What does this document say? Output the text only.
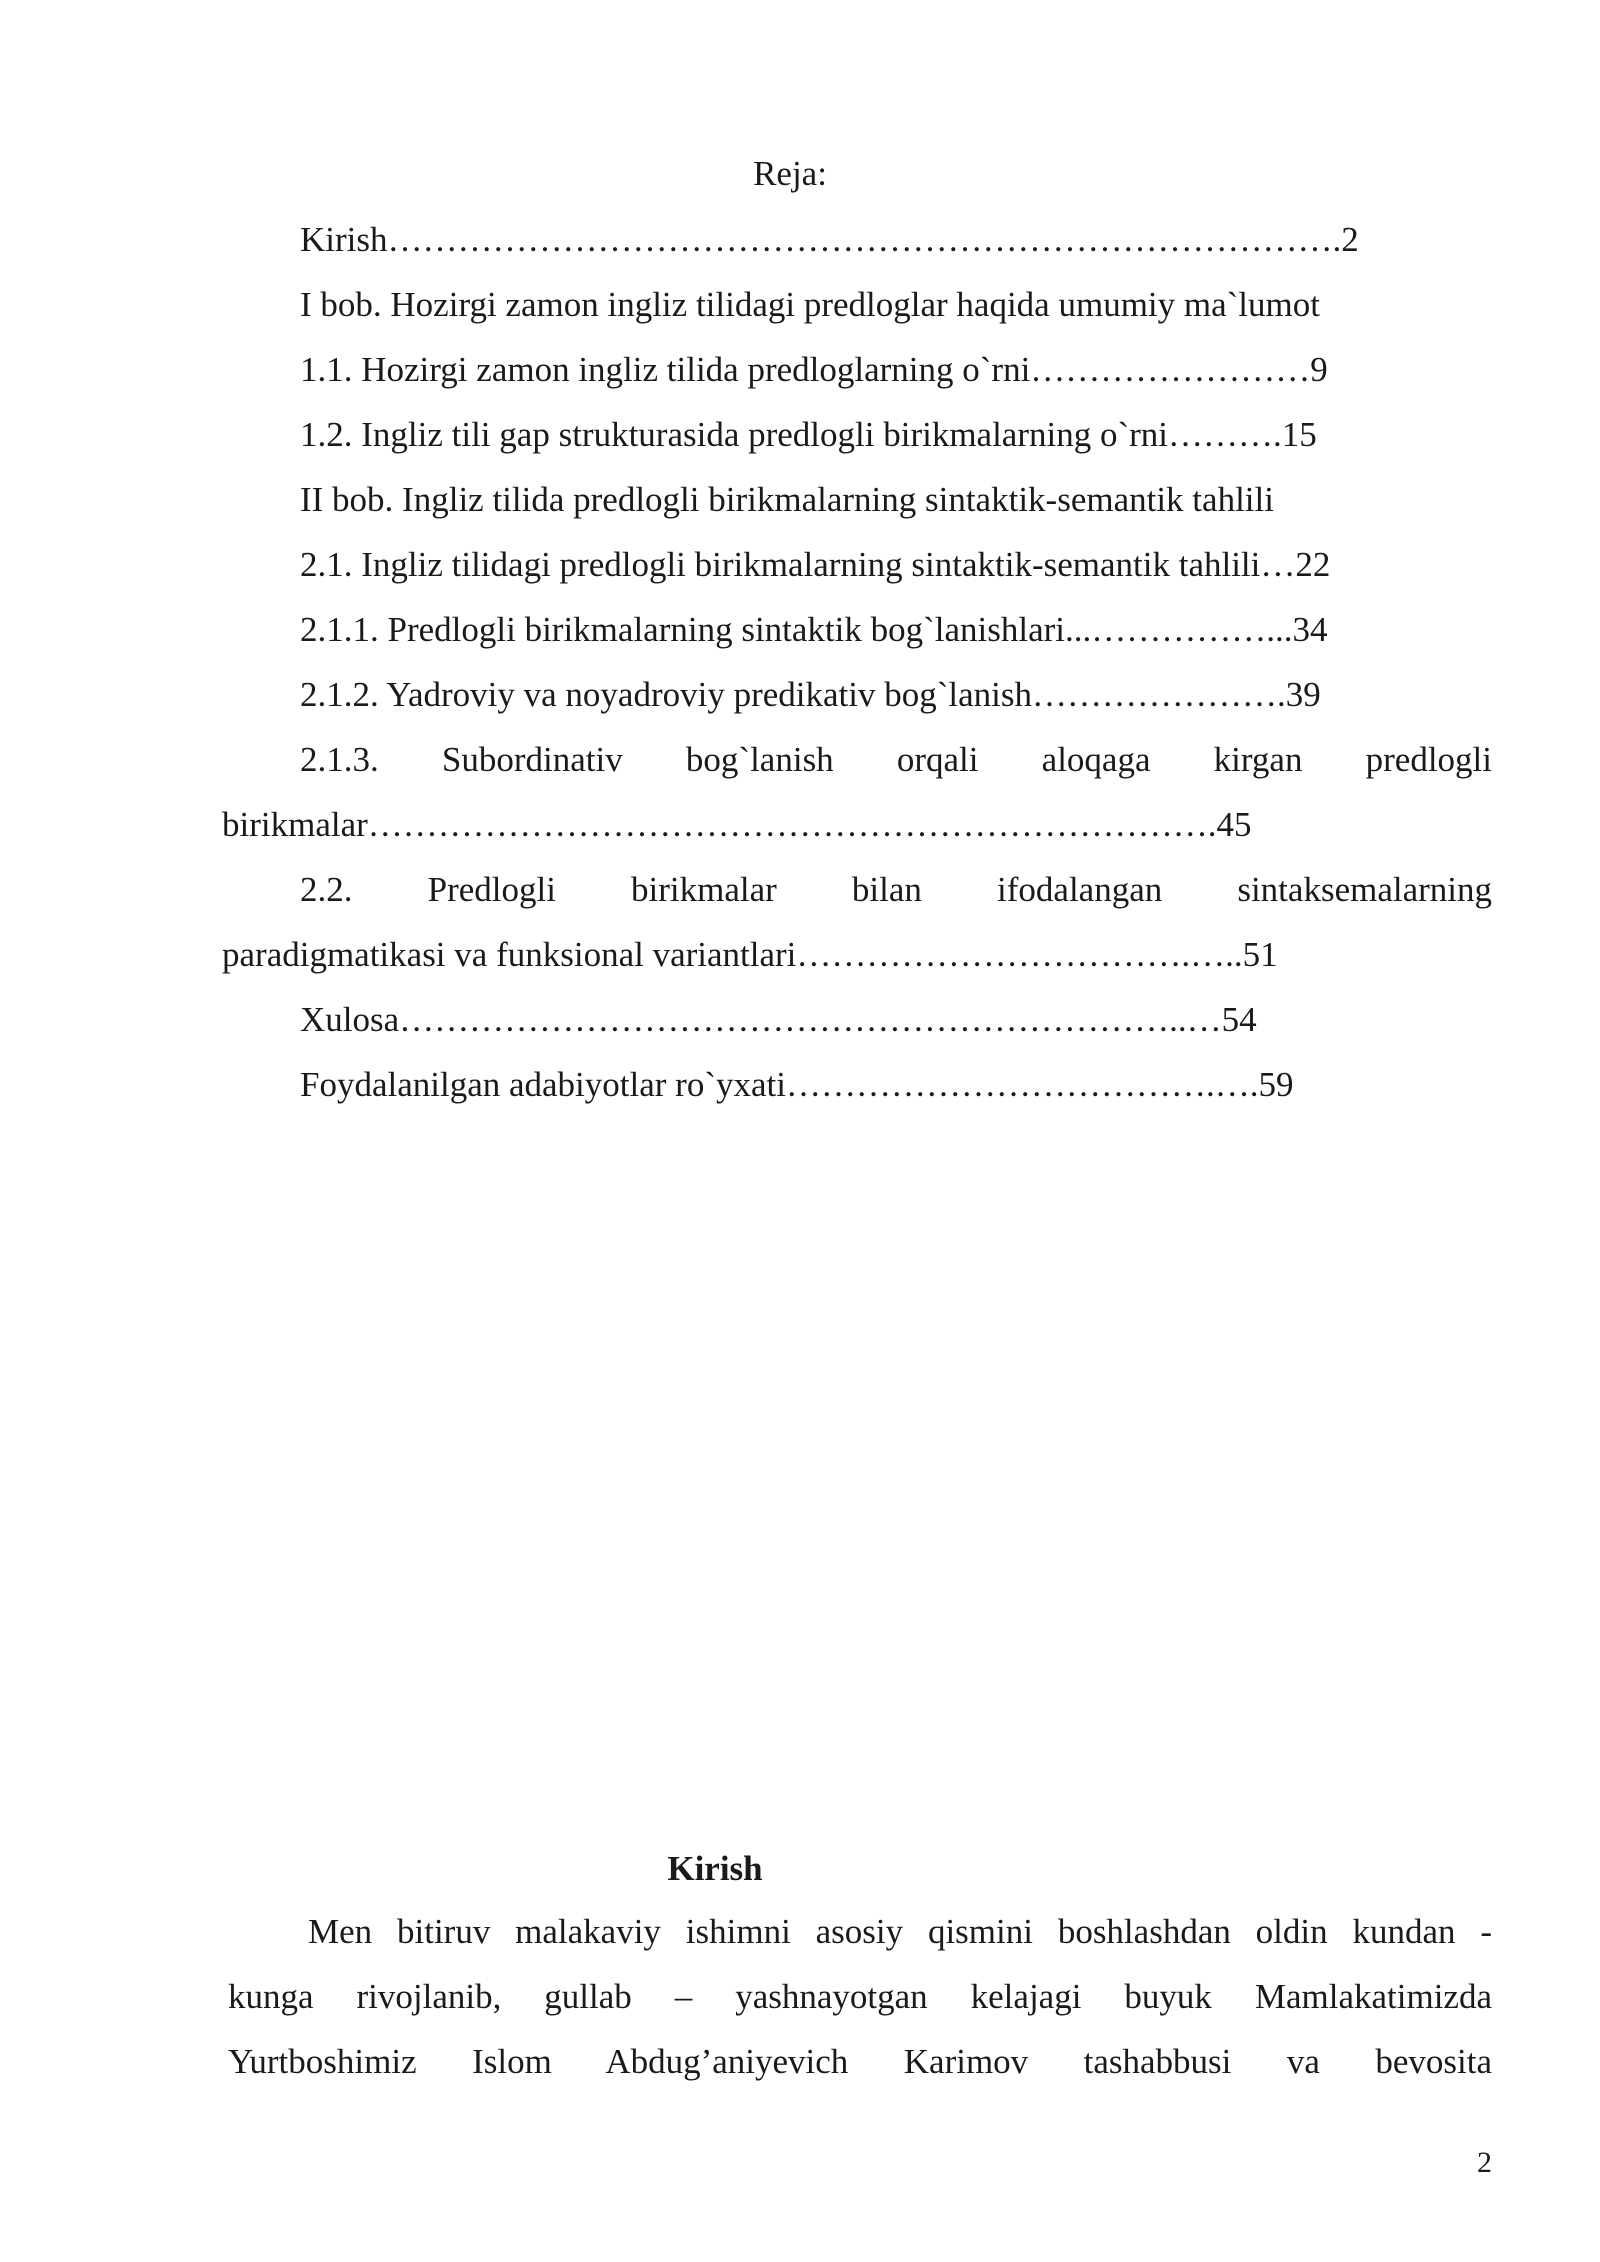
Reja:
Kirish……………………………………………………………………….2
I bob. Hozirgi zamon ingliz tilidagi predloglar haqida umumiy ma`lumot
1.1. Hozirgi zamon ingliz tilida predloglarning o`rni……………………9
1.2. Ingliz tili gap strukturasida predlogli birikmalarning o`rni……….15
II bob. Ingliz tilida predlogli birikmalarning sintaktik-semantik tahlili
2.1. Ingliz tilidagi predlogli birikmalarning sintaktik-semantik tahlili…22
2.1.1. Predlogli birikmalarning sintaktik bog`lanishlari...……………...34
2.1.2. Yadroviy va noyadroviy predikativ bog`lanish………………….39
2.1.3. Subordinativ bog`lanish orqali aloqaga kirgan predlogli
birikmalar……………………………………………………………….45
2.2. Predlogli birikmalar bilan ifodalangan sintaksemalarning
paradigmatikasi va funksional variantlari…………………………….…..51
Xulosa…………………………………………………………..…54
Foydalanilgan adabiyotlar ro`yxati……………………………….….59
Kirish
Men bitiruv malakaviy ishimni asosiy qismini boshlashdan oldin kundan -
kunga rivojlanib, gullab – yashnayotgan kelajagi buyuk Mamlakatimizda
Yurtboshimiz Islom Abdug’aniyevich Karimov tashabbusi va bevosita
2
